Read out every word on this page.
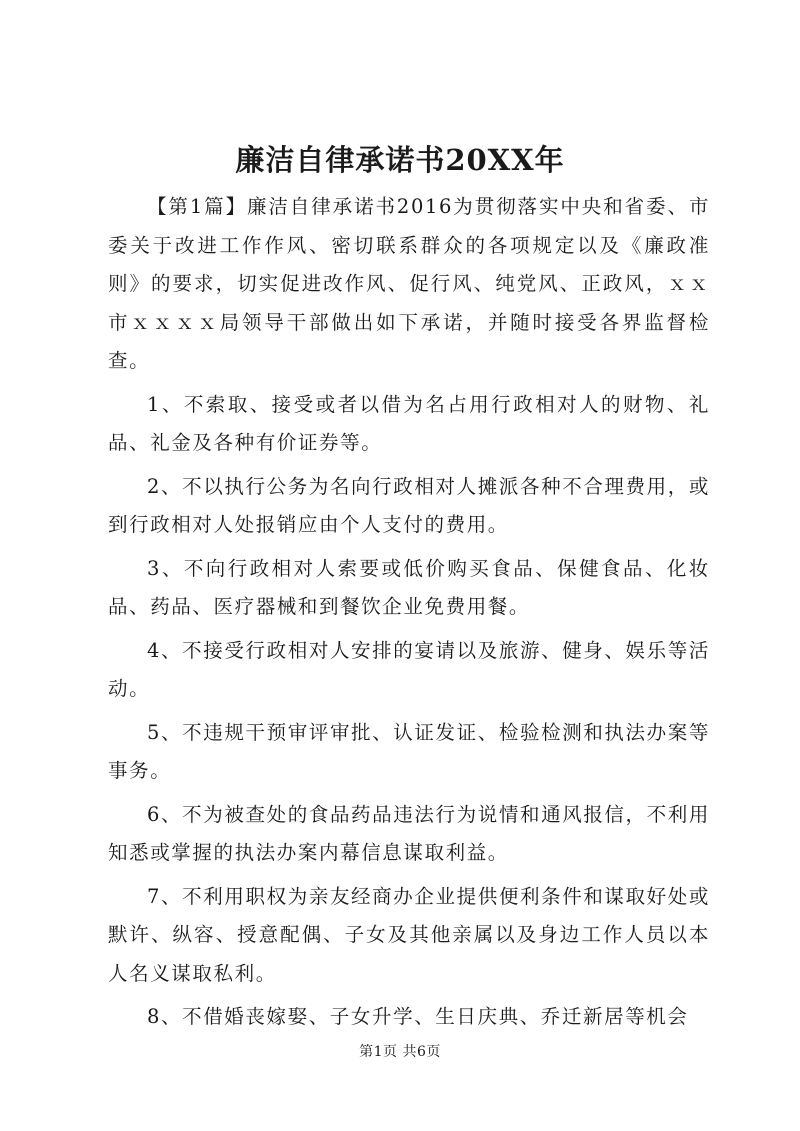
廉洁自律承诺书20XX年

【第1篇】廉洁自律承诺书2016为贯彻落实中央和省委、市委关于改进工作作风、密切联系群众的各项规定以及《廉政准则》的要求，切实促进改作风、促行风、纯党风、正政风，ｘｘ市ｘｘｘｘ局领导干部做出如下承诺，并随时接受各界监督检查。

1、不索取、接受或者以借为名占用行政相对人的财物、礼品、礼金及各种有价证券等。

2、不以执行公务为名向行政相对人摊派各种不合理费用，或到行政相对人处报销应由个人支付的费用。

3、不向行政相对人索要或低价购买食品、保健食品、化妆品、药品、医疗器械和到餐饮企业免费用餐。

4、不接受行政相对人安排的宴请以及旅游、健身、娱乐等活动。

5、不违规干预审评审批、认证发证、检验检测和执法办案等事务。

6、不为被查处的食品药品违法行为说情和通风报信，不利用知悉或掌握的执法办案内幕信息谋取利益。

7、不利用职权为亲友经商办企业提供便利条件和谋取好处或默许、纵容、授意配偶、子女及其他亲属以及身边工作人员以本人名义谋取私利。

8、不借婚丧嫁娶、子女升学、生日庆典、乔迁新居等机会

第1页 共6页
